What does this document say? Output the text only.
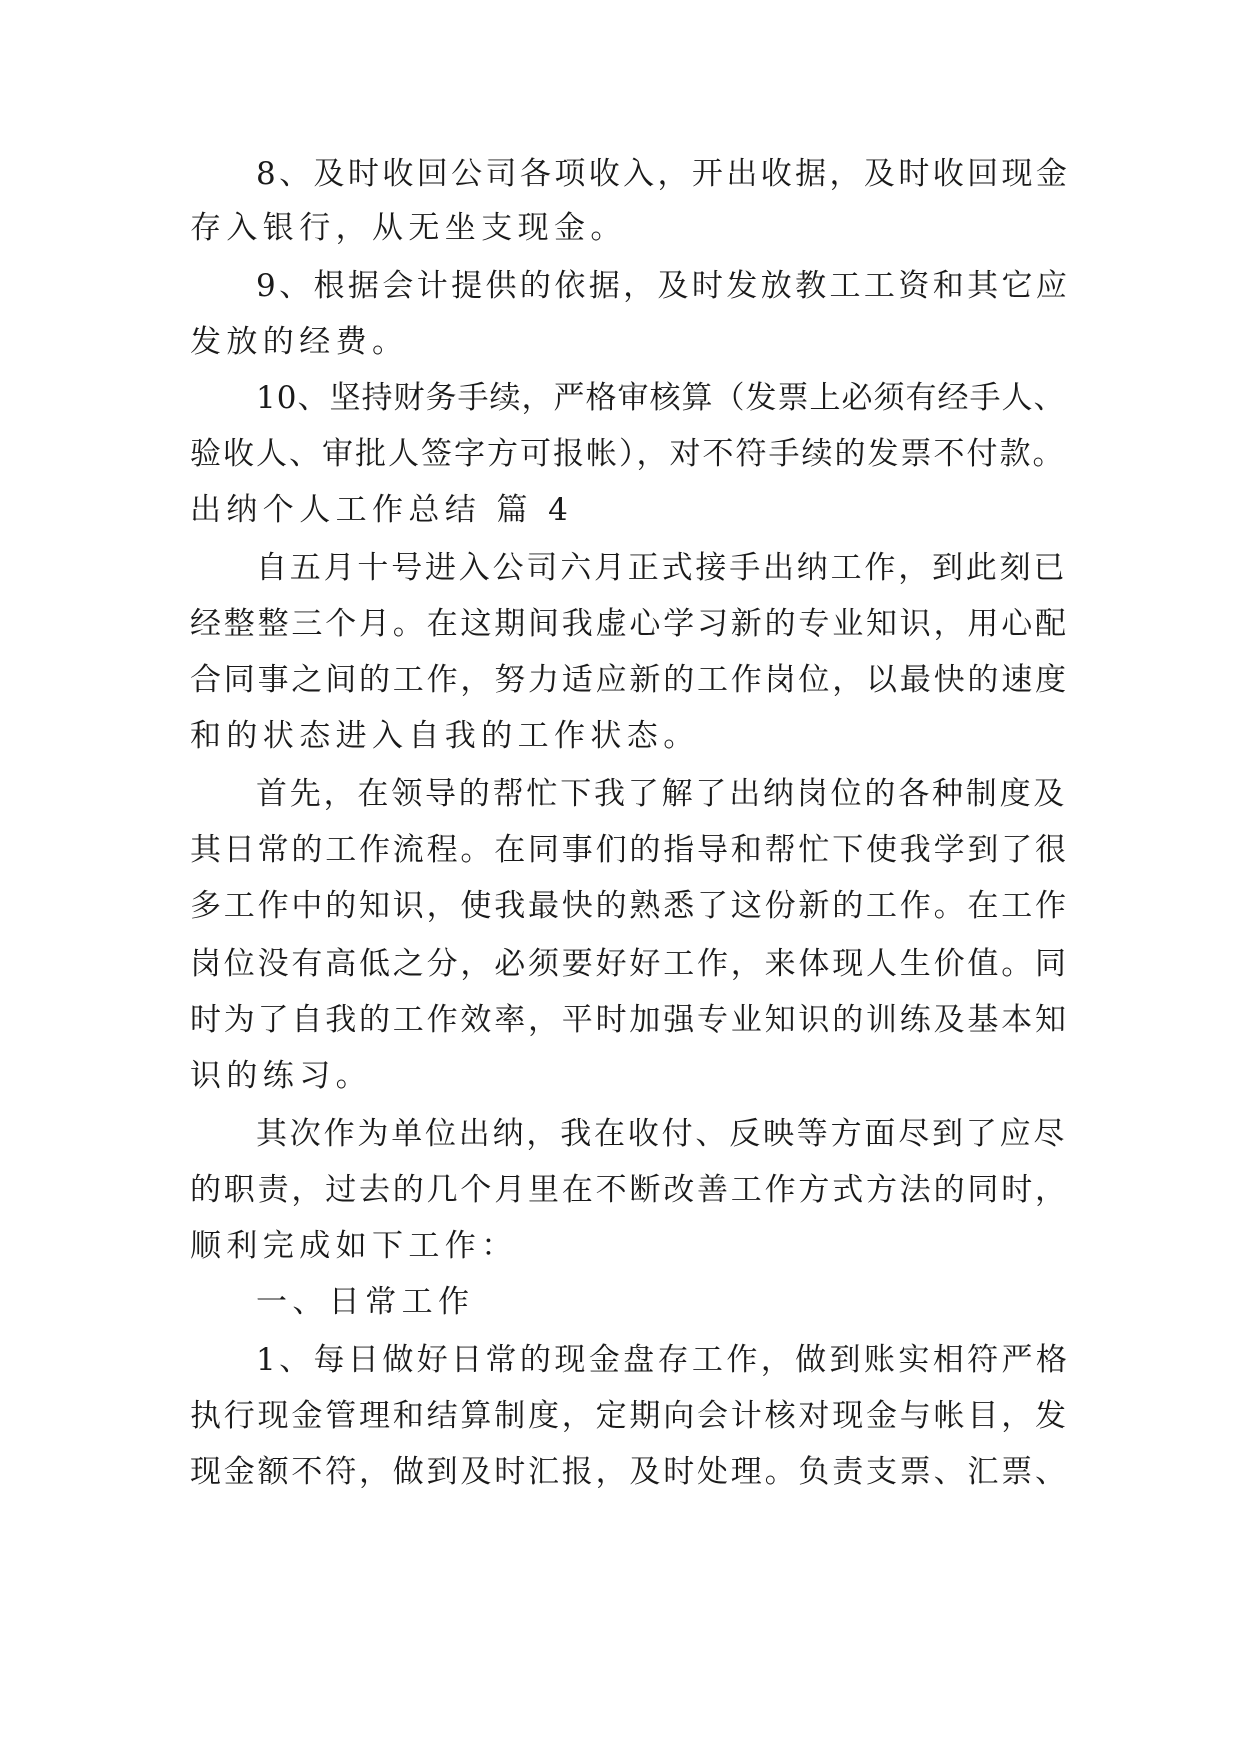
8、及时收回公司各项收入，开出收据，及时收回现金
存入银行，从无坐支现金。
9、根据会计提供的依据，及时发放教工工资和其它应
发放的经费。
10、坚持财务手续，严格审核算（发票上必须有经手人、
验收人、审批人签字方可报帐），对不符手续的发票不付款。
出纳个人工作总结 篇 4
自五月十号进入公司六月正式接手出纳工作，到此刻已
经整整三个月。在这期间我虚心学习新的专业知识，用心配
合同事之间的工作，努力适应新的工作岗位，以最快的速度
和的状态进入自我的工作状态。
首先，在领导的帮忙下我了解了出纳岗位的各种制度及
其日常的工作流程。在同事们的指导和帮忙下使我学到了很
多工作中的知识，使我最快的熟悉了这份新的工作。在工作
岗位没有高低之分，必须要好好工作，来体现人生价值。同
时为了自我的工作效率，平时加强专业知识的训练及基本知
识的练习。
其次作为单位出纳，我在收付、反映等方面尽到了应尽
的职责，过去的几个月里在不断改善工作方式方法的同时，
顺利完成如下工作：
一、日常工作
1、每日做好日常的现金盘存工作，做到账实相符严格
执行现金管理和结算制度，定期向会计核对现金与帐目，发
现金额不符，做到及时汇报，及时处理。负责支票、汇票、
